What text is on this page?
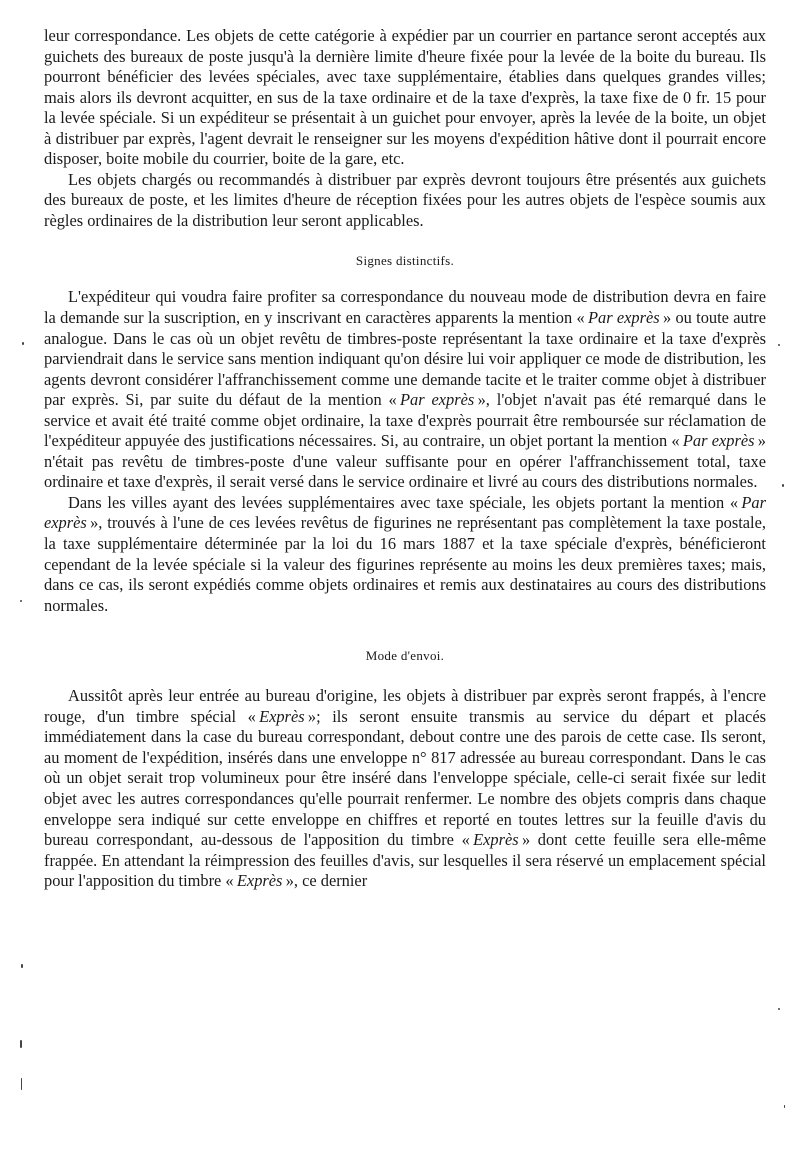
leur correspondance. Les objets de cette catégorie à expédier par un courrier en partance seront acceptés aux guichets des bureaux de poste jusqu'à la dernière limite d'heure fixée pour la levée de la boite du bureau. Ils pourront bénéficier des levées spéciales, avec taxe supplémentaire, établies dans quelques grandes villes; mais alors ils devront acquitter, en sus de la taxe ordinaire et de la taxe d'exprès, la taxe fixe de 0 fr. 15 pour la levée spéciale. Si un expéditeur se présentait à un guichet pour envoyer, après la levée de la boite, un objet à distribuer par exprès, l'agent devrait le renseigner sur les moyens d'expédition hâtive dont il pourrait encore disposer, boite mobile du courrier, boite de la gare, etc.

Les objets chargés ou recommandés à distribuer par exprès devront toujours être présentés aux guichets des bureaux de poste, et les limites d'heure de réception fixées pour les autres objets de l'espèce soumis aux règles ordinaires de la distribution leur seront applicables.

Signes distinctifs.

L'expéditeur qui voudra faire profiter sa correspondance du nouveau mode de distribution devra en faire la demande sur la suscription, en y inscrivant en caractères apparents la mention «  Par exprès  » ou toute autre analogue. Dans le cas où un objet revêtu de timbres-poste représentant la taxe ordinaire et la taxe d'exprès parviendrait dans le service sans mention indiquant qu'on désire lui voir appliquer ce mode de distribution, les agents devront considérer l'affranchissement comme une demande tacite et le traiter comme objet à distribuer par exprès. Si, par suite du défaut de la mention «  Par exprès  », l'objet n'avait pas été remarqué dans le service et avait été traité comme objet ordinaire, la taxe d'exprès pourrait être remboursée sur réclamation de l'expéditeur appuyée des justifications nécessaires. Si, au contraire, un objet portant la mention «  Par exprès  » n'était pas revêtu de timbres-poste d'une valeur suffisante pour en opérer l'affranchissement total, taxe ordinaire et taxe d'exprès, il serait versé dans le service ordinaire et livré au cours des distributions normales.

Dans les villes ayant des levées supplémentaires avec taxe spéciale, les objets portant la mention «  Par exprès  », trouvés à l'une de ces levées revêtus de figurines ne représentant pas complètement la taxe postale, la taxe supplémentaire déterminée par la loi du 16 mars 1887 et la taxe spéciale d'exprès, bénéficieront cependant de la levée spéciale si la valeur des figurines représente au moins les deux premières taxes; mais, dans ce cas, ils seront expédiés comme objets ordinaires et remis aux destinataires au cours des distributions normales.

Mode d'envoi.

Aussitôt après leur entrée au bureau d'origine, les objets à distribuer par exprès seront frappés, à l'encre rouge, d'un timbre spécial «  Exprès  »; ils seront ensuite transmis au service du départ et placés immédiatement dans la case du bureau correspondant, debout contre une des parois de cette case. Ils seront, au moment de l'expédition, insérés dans une enveloppe n° 817 adressée au bureau correspondant. Dans le cas où un objet serait trop volumineux pour être inséré dans l'enveloppe spéciale, celle-ci serait fixée sur ledit objet avec les autres correspondances qu'elle pourrait renfermer. Le nombre des objets compris dans chaque enveloppe sera indiqué sur cette enveloppe en chiffres et reporté en toutes lettres sur la feuille d'avis du bureau correspondant, au-dessous de l'apposition du timbre «  Exprès  » dont cette feuille sera elle-même frappée. En attendant la réimpression des feuilles d'avis, sur lesquelles il sera réservé un emplacement spécial pour l'apposition du timbre «  Exprès  », ce dernier
